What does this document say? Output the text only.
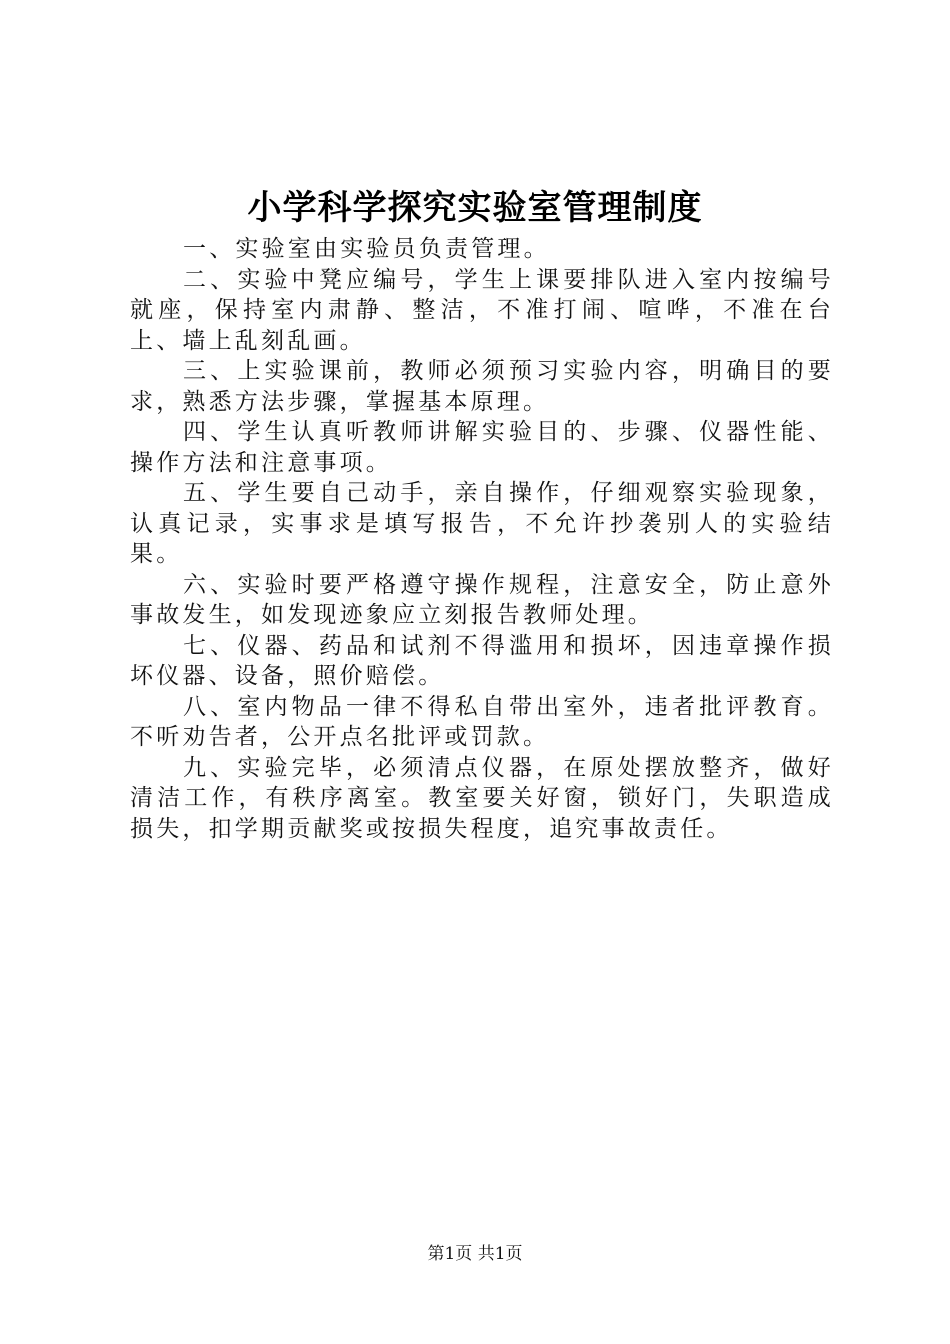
小学科学探究实验室管理制度

一、实验室由实验员负责管理。

二、实验中凳应编号，学生上课要排队进入室内按编号就座，保持室内肃静、整洁，不准打闹、喧哗，不准在台上、墙上乱刻乱画。

三、上实验课前，教师必须预习实验内容，明确目的要求，熟悉方法步骤，掌握基本原理。

四、学生认真听教师讲解实验目的、步骤、仪器性能、操作方法和注意事项。

五、学生要自己动手，亲自操作，仔细观察实验现象，认真记录，实事求是填写报告，不允许抄袭别人的实验结果。

六、实验时要严格遵守操作规程，注意安全，防止意外事故发生，如发现迹象应立刻报告教师处理。

七、仪器、药品和试剂不得滥用和损坏，因违章操作损坏仪器、设备，照价赔偿。

八、室内物品一律不得私自带出室外，违者批评教育。不听劝告者，公开点名批评或罚款。

九、实验完毕，必须清点仪器，在原处摆放整齐，做好清洁工作，有秩序离室。教室要关好窗，锁好门，失职造成损失，扣学期贡献奖或按损失程度，追究事故责任。

第1页 共1页
